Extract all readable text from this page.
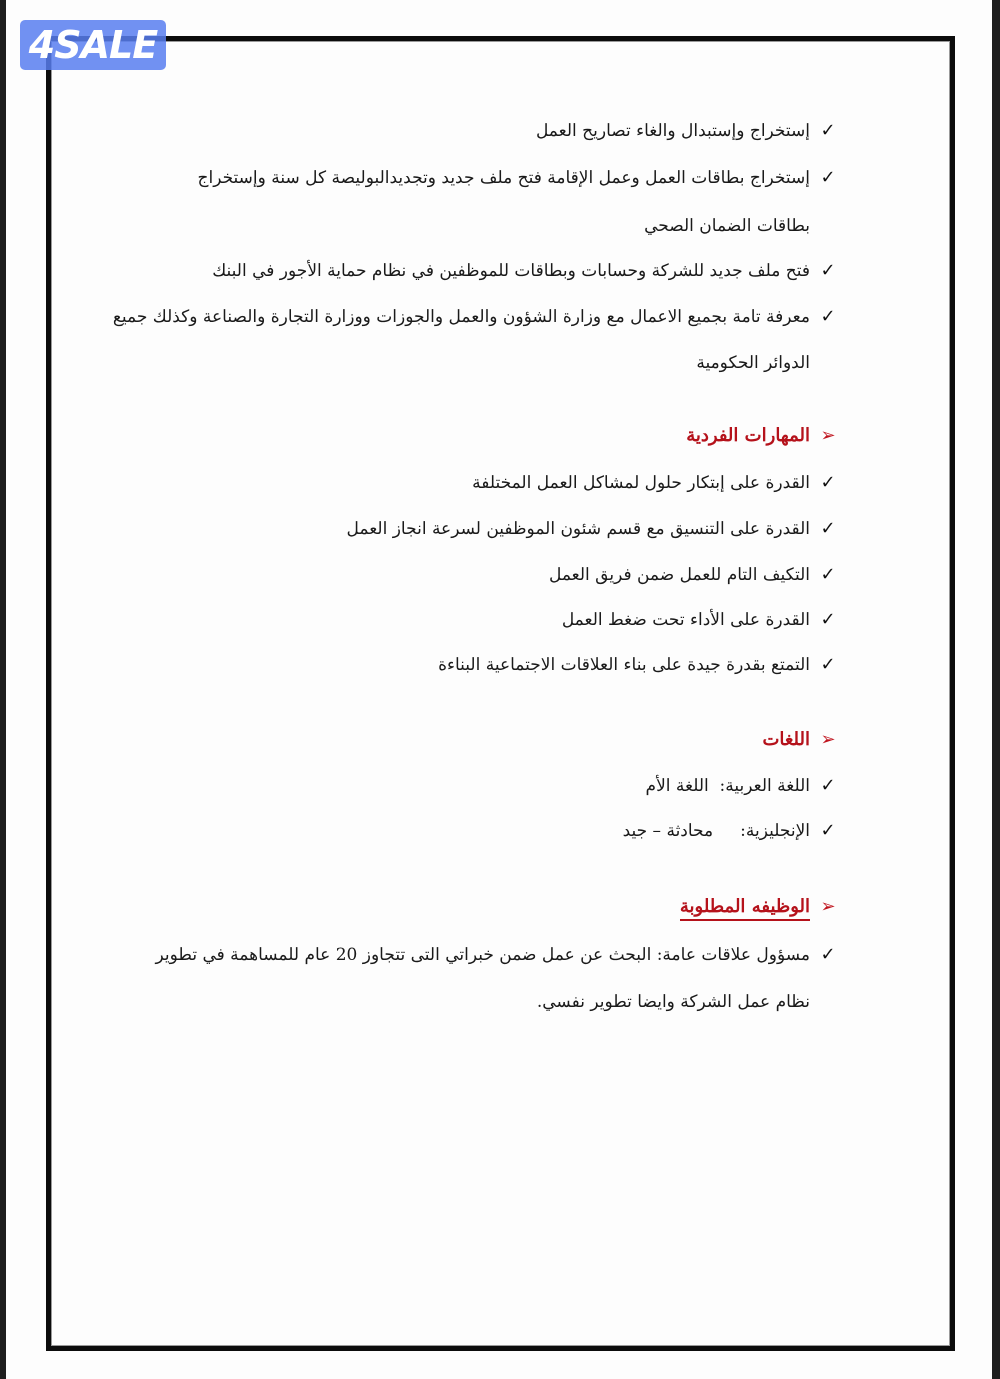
✓إستخراج وإستبدال والغاء تصاريح العمل
✓إستخراج بطاقات العمل وعمل الإقامة فتح ملف جديد وتجديدالبوليصة كل سنة وإستخراج
بطاقات الضمان الصحي
✓فتح ملف جديد للشركة وحسابات وبطاقات للموظفين في نظام حماية الأجور في البنك
✓معرفة تامة بجميع الاعمال مع وزارة الشؤون والعمل والجوزات ووزارة التجارة والصناعة وكذلك جميع
الدوائر الحكومية
➢المهارات الفردية
✓القدرة على إبتكار حلول لمشاكل العمل المختلفة
✓القدرة على التنسيق مع قسم شئون الموظفين لسرعة انجاز العمل
✓التكيف التام للعمل ضمن فريق العمل
✓القدرة على الأداء تحت ضغط العمل
✓التمتع بقدرة جيدة على بناء العلاقات الاجتماعية البناءة
➢اللغات
✓اللغة العربية:  اللغة الأم
✓الإنجليزية:     محادثة – جيد
➢الوظيفه المطلوبة
✓مسؤول علاقات عامة: البحث عن عمل ضمن خبراتي التى تتجاوز 20 عام للمساهمة في تطوير
نظام عمل الشركة وايضا تطوير نفسي.
4SALE
